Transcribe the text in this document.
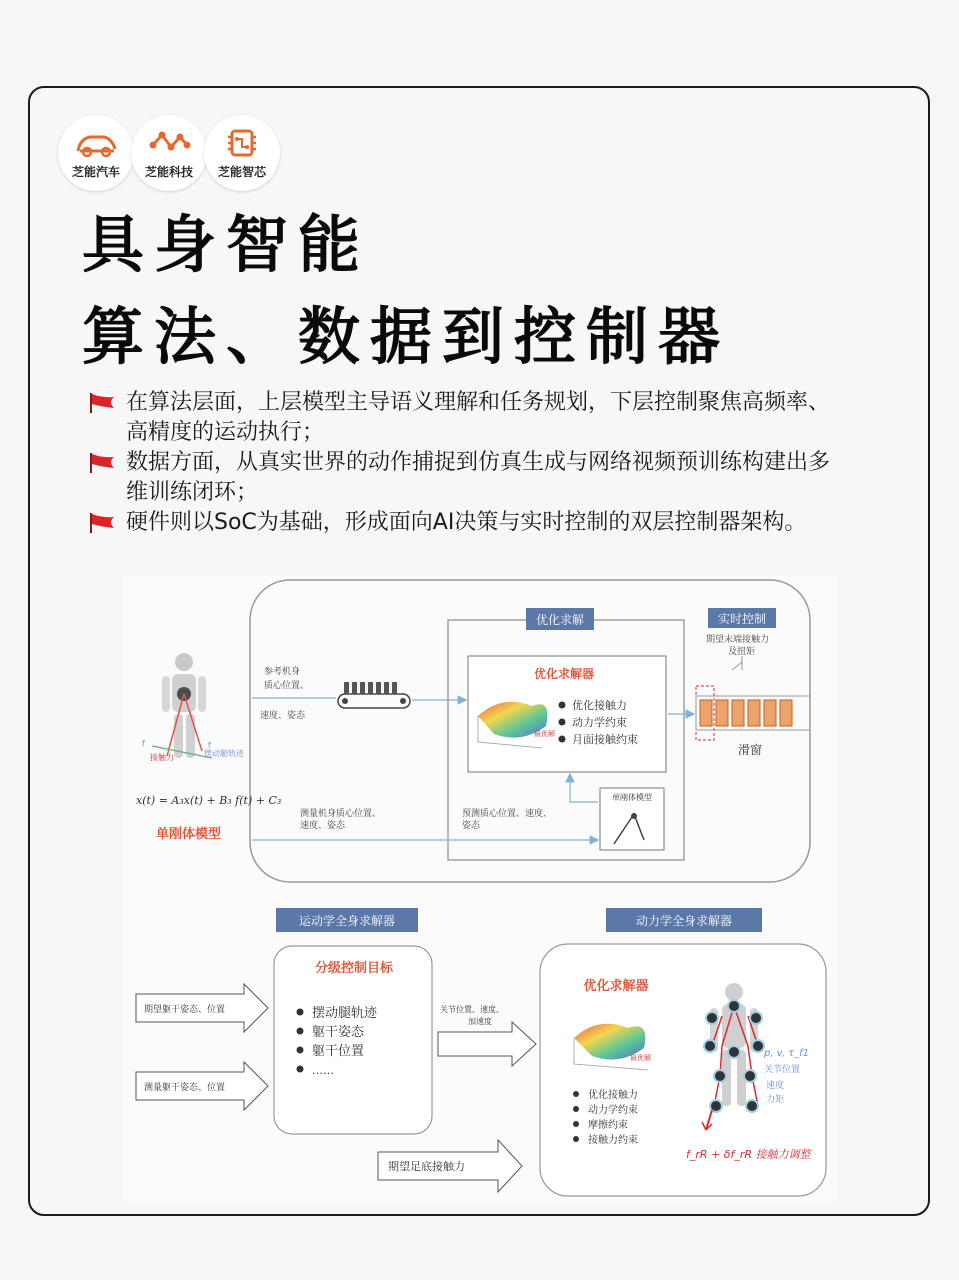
芝能汽车	芝能科技	芝能智芯
具身智能
算法、数据到控制器
在算法层面，上层模型主导语义理解和任务规划，下层控制聚焦高频率、高精度的运动执行；
数据方面，从真实世界的动作捕捉到仿真生成与网络视频预训练构建出多维训练闭环；
硬件则以SoC为基础，形成面向AI决策与实时控制的双层控制器架构。
f	f
接触力	摆动腿轨迹
x(t) = A₃x(t) + B₃ f(t) + C₃
单刚体模型
参考机身
质心位置、
速度、姿态
优化求解
优化求解器
最优解
优化接触力
动力学约束
月面接触约束
实时控制
期望末端接触力
及扭矩
滑窗
单刚体模型
测量机身质心位置、
速度、姿态
预测质心位置、速度、
姿态
运动学全身求解器	动力学全身求解器
期望躯干姿态、位置
测量躯干姿态、位置
分级控制目标
摆动腿轨迹
躯干姿态
躯干位置
……
关节位置、速度、
加速度
期望足底接触力
优化求解器
最优解
优化接触力
动力学约束
摩擦约束
接触力约束
p, v, τ_f1
关节位置
速度
力矩
f_rR + δf_rR 接触力调整
